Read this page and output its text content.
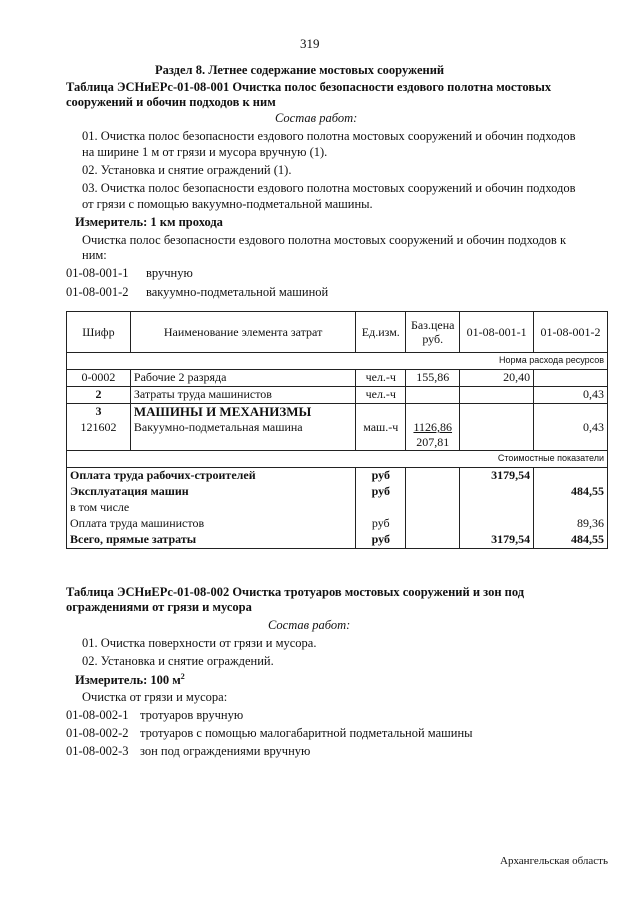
319
Раздел 8. Летнее содержание мостовых сооружений
Таблица ЭСНиЕРс-01-08-001 Очистка полос безопасности ездового полотна мостовых
сооружений и обочин подходов к ним
Состав работ:
01. Очистка полос безопасности ездового полотна мостовых сооружений и обочин подходов
на ширине 1 м от грязи и мусора вручную (1).
02. Установка и снятие ограждений (1).
03. Очистка полос безопасности ездового полотна мостовых сооружений и обочин подходов
от грязи с помощью вакуумно-подметальной машины.
Измеритель: 1 км прохода
Очистка полос безопасности ездового полотна мостовых сооружений и обочин подходов к
ним:
01-08-001-1 вручную
01-08-001-2 вакуумно-подметальной машиной
Шифр	Наименование элемента затрат	Ед.изм.	Баз.цена
руб.	01-08-001-1	01-08-001-2
Норма расхода ресурсов					
0-0002	Рабочие 2 разряда	чел.-ч	155,86	20,40	
2	Затраты труда машинистов	чел.-ч			0,43
3	МАШИНЫ И МЕХАНИЗМЫ				
121602	Вакуумно-подметальная машина	маш.-ч	1126,86
207,81		0,43
Стоимостные показатели					
Оплата труда рабочих-строителей		руб		3179,54	
Эксплуатация машин		руб			484,55
в том числе					
Оплата труда машинистов		руб			89,36
Всего, прямые затраты		руб		3179,54	484,55
Таблица ЭСНиЕРс-01-08-002 Очистка тротуаров мостовых сооружений и зон под
ограждениями от грязи и мусора
Состав работ:
01. Очистка поверхности от грязи и мусора.
02. Установка и снятие ограждений.
Измеритель: 100 $м^2$
Очистка от грязи и мусора:
01-08-002-1 тротуаров вручную
01-08-002-2 тротуаров с помощью малогабаритной подметальной машины
01-08-002-3 зон под ограждениями вручную
Архангельская область
